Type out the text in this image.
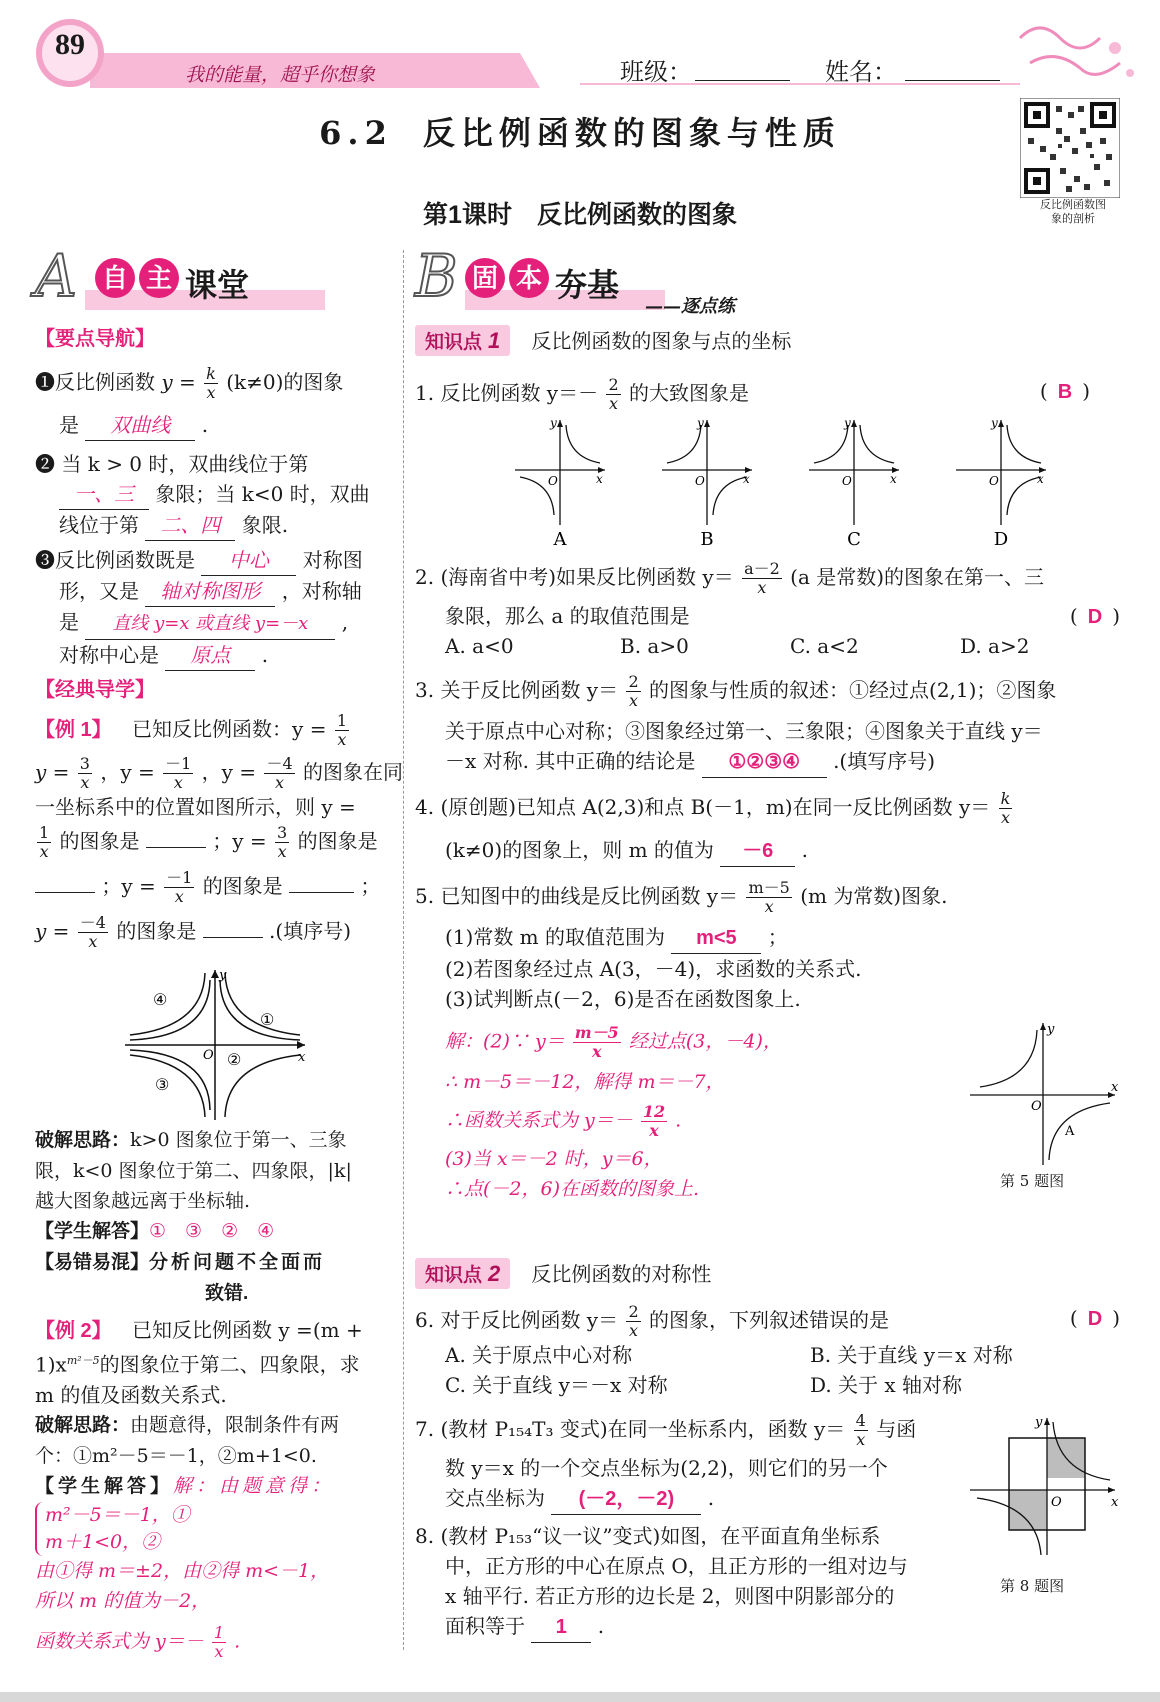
89
我的能量，超乎你想象	班级：	姓名：
反比例函数图象的剖析
6.2 反比例函数的图象与性质
第1课时　反比例函数的图象
A 自 主 课堂
【要点导航】
❶反比例函数 $y = \frac{k}{x} (k\ne 0)$的图象
是 双曲线 .
❷ 当 k > 0 时，双曲线位于第
一、三 象限；当 k<0 时，双曲
线位于第 二、四 象限.
❸反比例函数既是 中心 对称图
形，又是 轴对称图形 ，对称轴
是 直线 y=x 或直线 y=－x ,
对称中心是 原点 .
【经典导学】
【例 1】 已知反比例函数：$y = \frac{1}{x}$
$y = \frac{3}{x}$ ，$y = \frac{-1}{x}$ ，$y = \frac{-4}{x}$ 的图象在同
一坐标系中的位置如图所示，则 y =
$\frac{1}{x}$ 的图象是	；$y = \frac{3}{x}$ 的图象是
；$y = \frac{-1}{x}$ 的图象是	；
$y = \frac{-4}{x}$ 的图象是	.(填序号)
④
①
②
③
y
x
O
破解思路：k>0 图象位于第一、三象
限，k<0 图象位于第二、四象限，|k|
越大图象越远离于坐标轴.
【学生解答】①　③　②　④
【易错易混】分析问题不全面而
致错.
【例 2】 已知反比例函数 y =(m +
$1)x^{m^2-5}$的图象位于第二、四象限，求
m 的值及函数关系式.
破解思路：由题意得，限制条件有两
个：①m²－5＝－1，②m+1<0.
【学生解答】解：由题意得：
m²－5＝－1，①
m＋1<0，②
由①得 m＝±2，由②得 m<－1，
所以 m 的值为－2，
函数关系式为 $y=- \frac{1}{x}$ .
B 固 本 夯基
——逐点练
知识点 1 反比例函数的图象与点的坐标
1. 反比例函数 $y=- \frac{2}{x}$ 的大致图象是	( B )
O	x
y
O	x
y
O	x
y
O	x
y
A	B	C	D
2. (海南省中考)如果反比例函数 $y= \frac{a-2}{x} (a$ 是常数)的图象在第一、三
象限，那么 a 的取值范围是	( D )
A. a<0	B. a>0	C. a<2	D. a>2
3. 关于反比例函数 $y= \frac{2}{x}$ 的图象与性质的叙述：①经过点(2,1)；②图象
关于原点中心对称；③图象经过第一、三象限；④图象关于直线 y＝
－x 对称. 其中正确的结论是 ①②③④ .(填写序号)
4. (原创题)已知点 A(2,3)和点 B(－1，m)在同一反比例函数 $y= \frac{k}{x}$
(k≠0)的图象上，则 m 的值为 －6 .
5. 已知图中的曲线是反比例函数 $y= \frac{m-5}{x} (m$ 为常数)图象.
(1)常数 m 的取值范围为 m<5 ；
(2)若图象经过点 A(3，－4)，求函数的关系式.
(3)试判断点(－2，6)是否在函数图象上.
解：(2)∵ $y= \frac{m-5}{x}$ 经过点(3，－4)，
∴ m－5＝－12，解得 m＝－7，
∴函数关系式为 $y=- \frac{12}{x}$ .
(3)当 x＝－2 时，y＝6，
∴点(－2，6)在函数的图象上.
y
x
O
A
第 5 题图
知识点 2 反比例函数的对称性
6. 对于反比例函数 $y= \frac{2}{x}$ 的图象，下列叙述错误的是	( D )
A. 关于原点中心对称	B. 关于直线 y＝x 对称
C. 关于直线 y＝－x 对称	D. 关于 x 轴对称
7. (教材 P₁₅₄T₃ 变式)在同一坐标系内，函数 $y= \frac{4}{x}$ 与函
数 y＝x 的一个交点坐标为(2,2)，则它们的另一个
交点坐标为 (－2，－2) .
8. (教材 P₁₅₃“议一议”变式)如图，在平面直角坐标系
中，正方形的中心在原点 O，且正方形的一组对边与
x 轴平行. 若正方形的边长是 2，则图中阴影部分的
面积等于 1 .
y
x
O
第 8 题图
